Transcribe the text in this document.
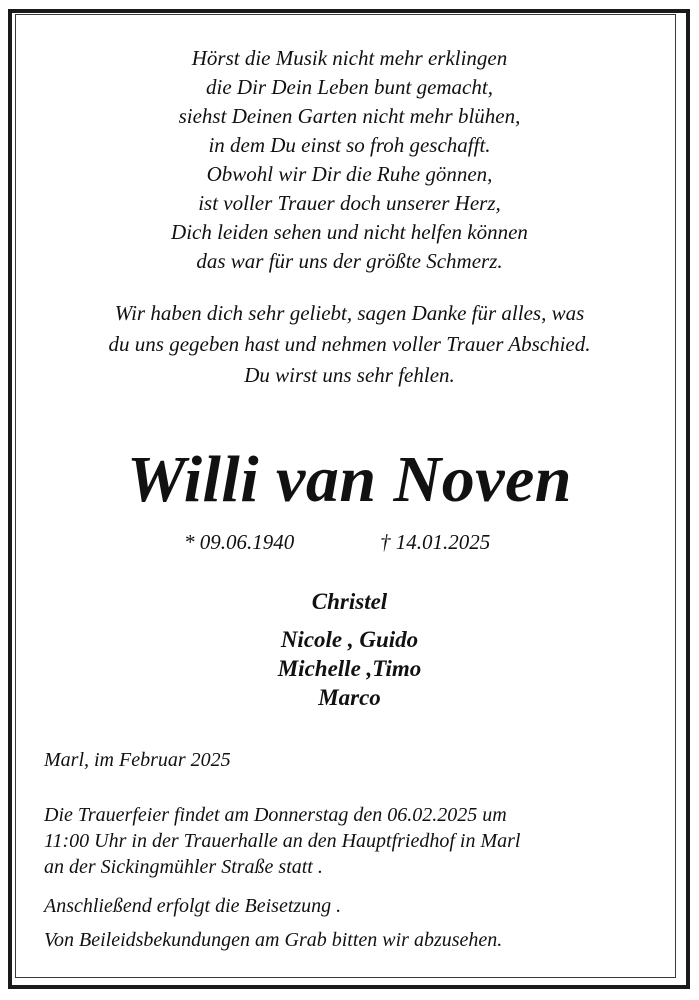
Hörst die Musik nicht mehr erklingen
die Dir Dein Leben bunt gemacht,
siehst Deinen Garten nicht mehr blühen,
in dem Du einst so froh geschafft.
Obwohl wir Dir die Ruhe gönnen,
ist voller Trauer doch unserer Herz,
Dich leiden sehen und nicht helfen können
das war für uns der größte Schmerz.
Wir haben dich sehr geliebt, sagen Danke für alles, was
du uns gegeben hast und nehmen voller Trauer Abschied.
Du wirst uns sehr fehlen.
Willi van Noven
* 09.06.1940	† 14.01.2025
Christel
Nicole , Guido
Michelle ,Timo
Marco
Marl, im Februar 2025
Die Trauerfeier findet am Donnerstag den 06.02.2025 um
11:00 Uhr in der Trauerhalle an den Hauptfriedhof in Marl
an der Sickingmühler Straße statt .
Anschließend erfolgt die Beisetzung .
Von Beileidsbekundungen am Grab bitten wir abzusehen.
